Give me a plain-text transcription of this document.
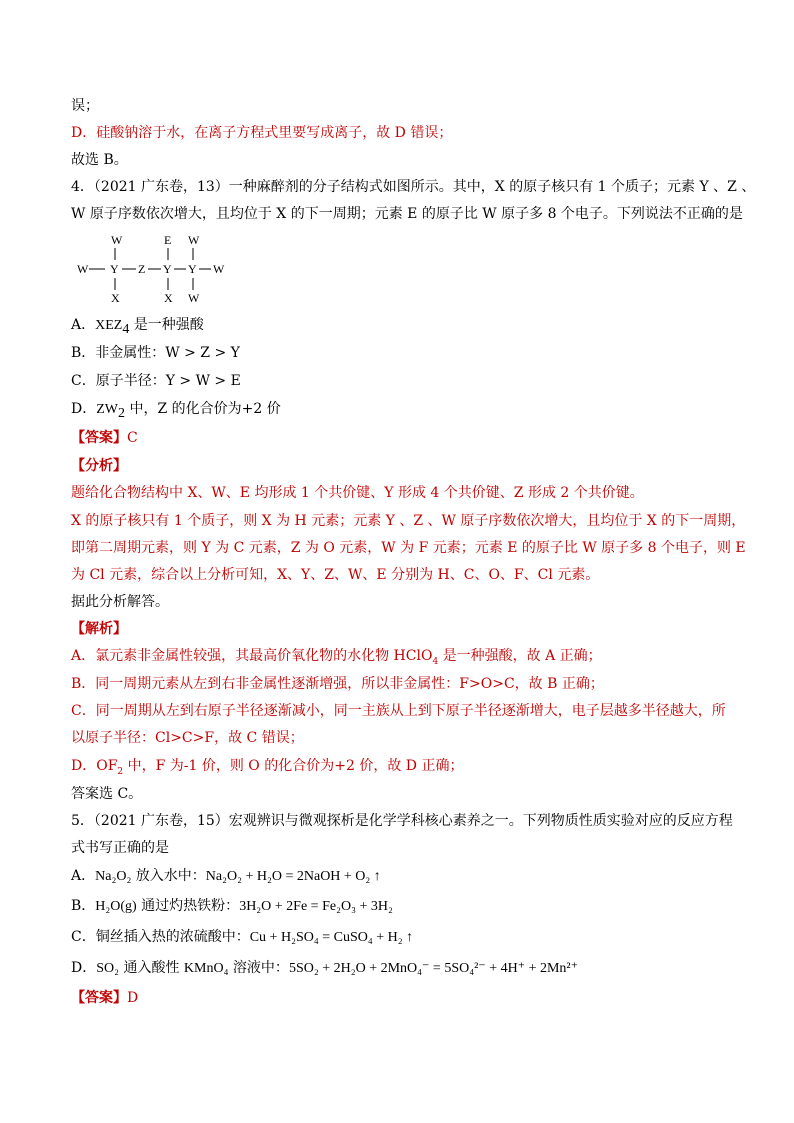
误；
D．硅酸钠溶于水，在离子方程式里要写成离子，故 D 错误；
故选 B。
4．（2021 广东卷，13）一种麻醉剂的分子结构式如图所示。其中，X 的原子核只有 1 个质子；元素 Y 、Z 、
W 原子序数依次增大，且均位于 X 的下一周期；元素 E 的原子比 W 原子多 8 个电子。下列说法不正确的是
W	E W
W Y Z Y Y W
X	X W
A．$XEZ_4$ 是一种强酸
B．非金属性：W > Z > Y
C．原子半径：Y > W > E
D．$ZW_2$ 中，Z 的化合价为+2 价
【答案】C
【分析】
题给化合物结构中 X、W、E 均形成 1 个共价键、Y 形成 4 个共价键、Z 形成 2 个共价键。
X 的原子核只有 1 个质子，则 X 为 H 元素；元素 Y 、Z 、W 原子序数依次增大，且均位于 X 的下一周期，
即第二周期元素，则 Y 为 C 元素，Z 为 O 元素，W 为 F 元素；元素 E 的原子比 W 原子多 8 个电子，则 E
为 Cl 元素，综合以上分析可知，X、Y、Z、W、E 分别为 H、C、O、F、Cl 元素。
据此分析解答。
【解析】
A．氯元素非金属性较强，其最高价氧化物的水化物 HClO$_4$ 是一种强酸，故 A 正确；
B．同一周期元素从左到右非金属性逐渐增强，所以非金属性：F>O>C，故 B 正确；
C．同一周期从左到右原子半径逐渐减小，同一主族从上到下原子半径逐渐增大，电子层越多半径越大，所
以原子半径：Cl>C>F，故 C 错误；
D．$OF_2$ 中，F 为-1 价，则 O 的化合价为+2 价，故 D 正确；
答案选 C。
5．（2021 广东卷，15）宏观辨识与微观探析是化学学科核心素养之一。下列物质性质实验对应的反应方程
式书写正确的是
A．Na₂O₂ 放入水中：Na₂O₂ + H₂O = 2NaOH + O₂ ↑
B．H₂O(g) 通过灼热铁粉：3H₂O + 2Fe = Fe₂O₃ + 3H₂
C．铜丝插入热的浓硫酸中：Cu + H₂SO₄ = CuSO₄ + H₂ ↑
D．SO₂ 通入酸性 KMnO₄ 溶液中：5SO₂ + 2H₂O + 2MnO₄⁻ = 5SO₄²⁻ + 4H⁺ + 2Mn²⁺
【答案】D
